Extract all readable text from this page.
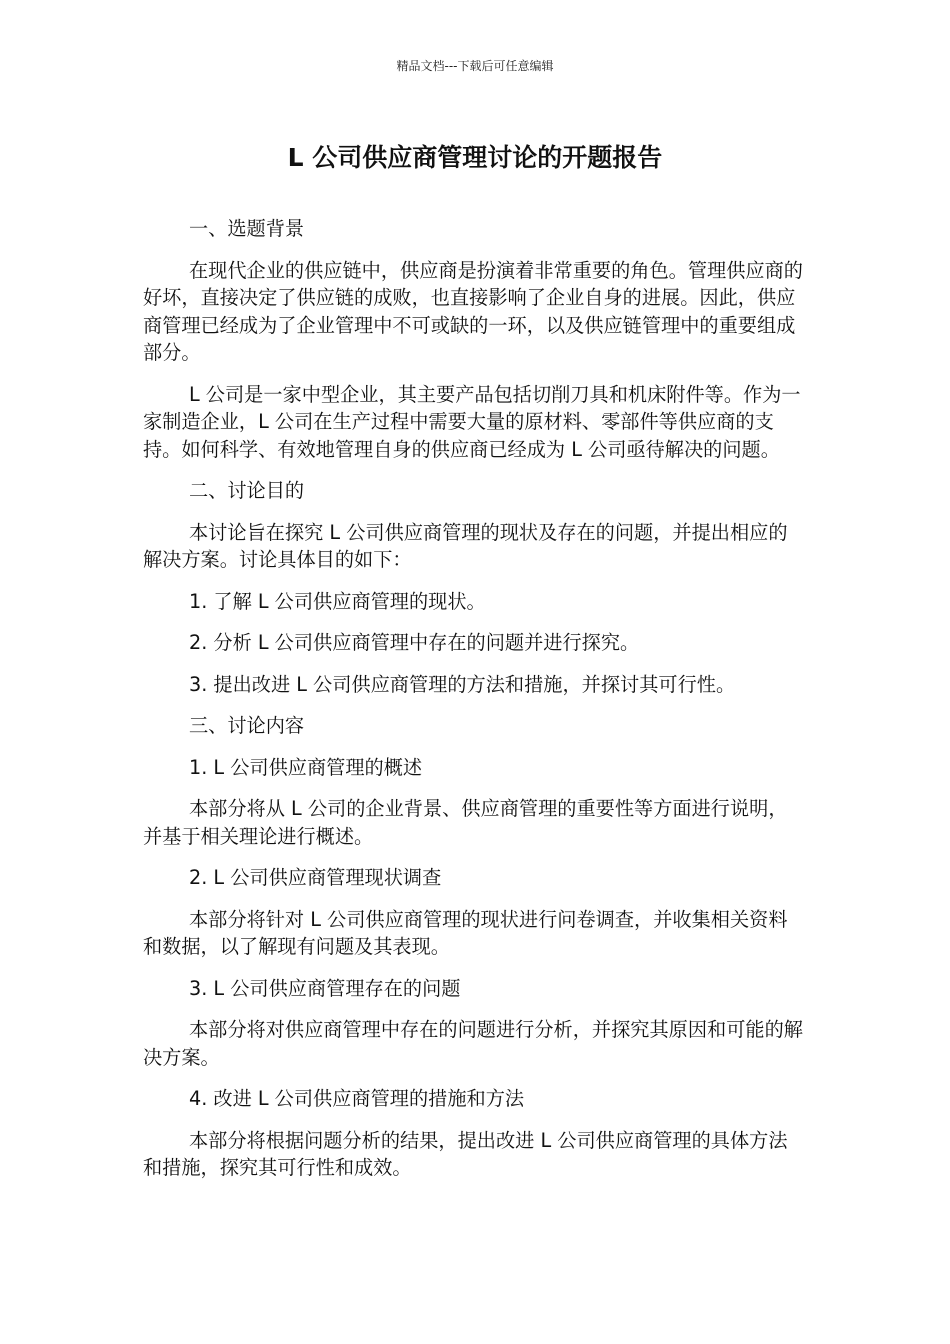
精品文档---下载后可任意编辑
L 公司供应商管理讨论的开题报告

一、选题背景

在现代企业的供应链中，供应商是扮演着非常重要的角色。管理供应商的好坏，直接决定了供应链的成败，也直接影响了企业自身的进展。因此，供应商管理已经成为了企业管理中不可或缺的一环，以及供应链管理中的重要组成部分。

L 公司是一家中型企业，其主要产品包括切削刀具和机床附件等。作为一家制造企业，L 公司在生产过程中需要大量的原材料、零部件等供应商的支持。如何科学、有效地管理自身的供应商已经成为 L 公司亟待解决的问题。

二、讨论目的

本讨论旨在探究 L 公司供应商管理的现状及存在的问题，并提出相应的解决方案。讨论具体目的如下：

1. 了解 L 公司供应商管理的现状。

2. 分析 L 公司供应商管理中存在的问题并进行探究。

3. 提出改进 L 公司供应商管理的方法和措施，并探讨其可行性。

三、讨论内容

1. L 公司供应商管理的概述

本部分将从 L 公司的企业背景、供应商管理的重要性等方面进行说明，并基于相关理论进行概述。

2. L 公司供应商管理现状调查

本部分将针对 L 公司供应商管理的现状进行问卷调查，并收集相关资料和数据，以了解现有问题及其表现。

3. L 公司供应商管理存在的问题

本部分将对供应商管理中存在的问题进行分析，并探究其原因和可能的解决方案。

4. 改进 L 公司供应商管理的措施和方法

本部分将根据问题分析的结果，提出改进 L 公司供应商管理的具体方法和措施，探究其可行性和成效。
